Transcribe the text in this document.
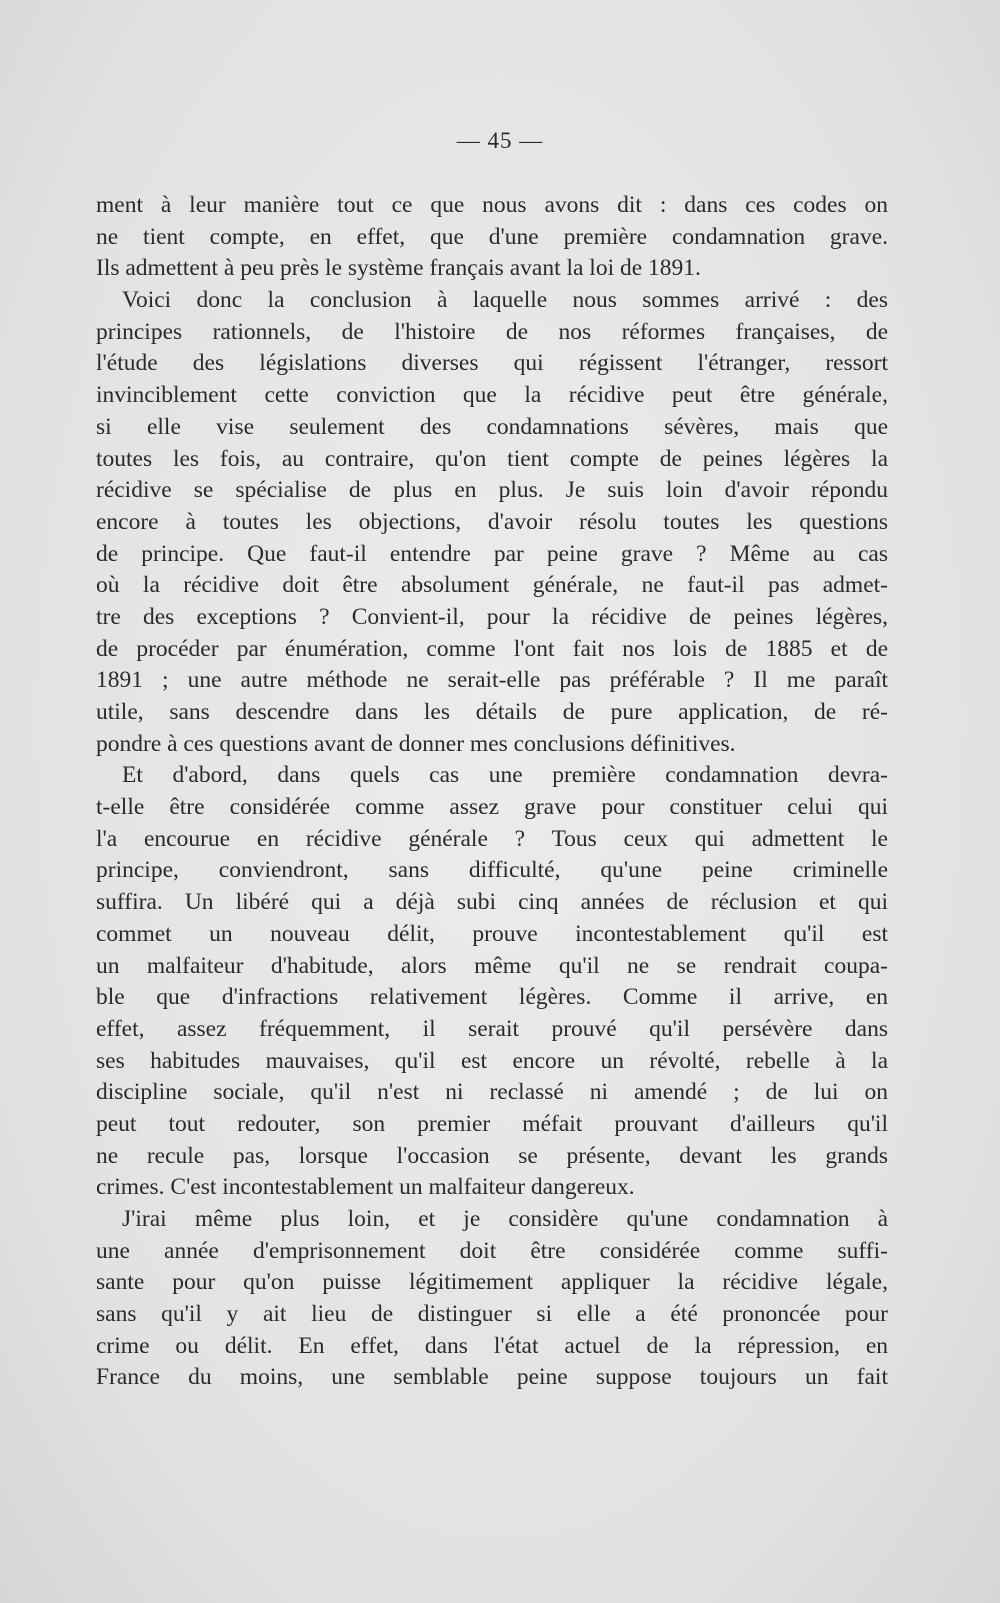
— 45 —
ment à leur manière tout ce que nous avons dit : dans ces codes on
ne tient compte, en effet, que d'une première condamnation grave.
Ils admettent à peu près le système français avant la loi de 1891.
Voici donc la conclusion à laquelle nous sommes arrivé : des
principes rationnels, de l'histoire de nos réformes françaises, de
l'étude des législations diverses qui régissent l'étranger, ressort
invinciblement cette conviction que la récidive peut être générale,
si elle vise seulement des condamnations sévères, mais que
toutes les fois, au contraire, qu'on tient compte de peines légères la
récidive se spécialise de plus en plus. Je suis loin d'avoir répondu
encore à toutes les objections, d'avoir résolu toutes les questions
de principe. Que faut-il entendre par peine grave ? Même au cas
où la récidive doit être absolument générale, ne faut-il pas admet-
tre des exceptions ? Convient-il, pour la récidive de peines légères,
de procéder par énumération, comme l'ont fait nos lois de 1885 et de
1891 ; une autre méthode ne serait-elle pas préférable ? Il me paraît
utile, sans descendre dans les détails de pure application, de ré-
pondre à ces questions avant de donner mes conclusions définitives.
Et d'abord, dans quels cas une première condamnation devra-
t-elle être considérée comme assez grave pour constituer celui qui
l'a encourue en récidive générale ? Tous ceux qui admettent le
principe, conviendront, sans difficulté, qu'une peine criminelle
suffira. Un libéré qui a déjà subi cinq années de réclusion et qui
commet un nouveau délit, prouve incontestablement qu'il est
un malfaiteur d'habitude, alors même qu'il ne se rendrait coupa-
ble que d'infractions relativement légères. Comme il arrive, en
effet, assez fréquemment, il serait prouvé qu'il persévère dans
ses habitudes mauvaises, qu'il est encore un révolté, rebelle à la
discipline sociale, qu'il n'est ni reclassé ni amendé ; de lui on
peut tout redouter, son premier méfait prouvant d'ailleurs qu'il
ne recule pas, lorsque l'occasion se présente, devant les grands
crimes. C'est incontestablement un malfaiteur dangereux.
J'irai même plus loin, et je considère qu'une condamnation à
une année d'emprisonnement doit être considérée comme suffi-
sante pour qu'on puisse légitimement appliquer la récidive légale,
sans qu'il y ait lieu de distinguer si elle a été prononcée pour
crime ou délit. En effet, dans l'état actuel de la répression, en
France du moins, une semblable peine suppose toujours un fait
